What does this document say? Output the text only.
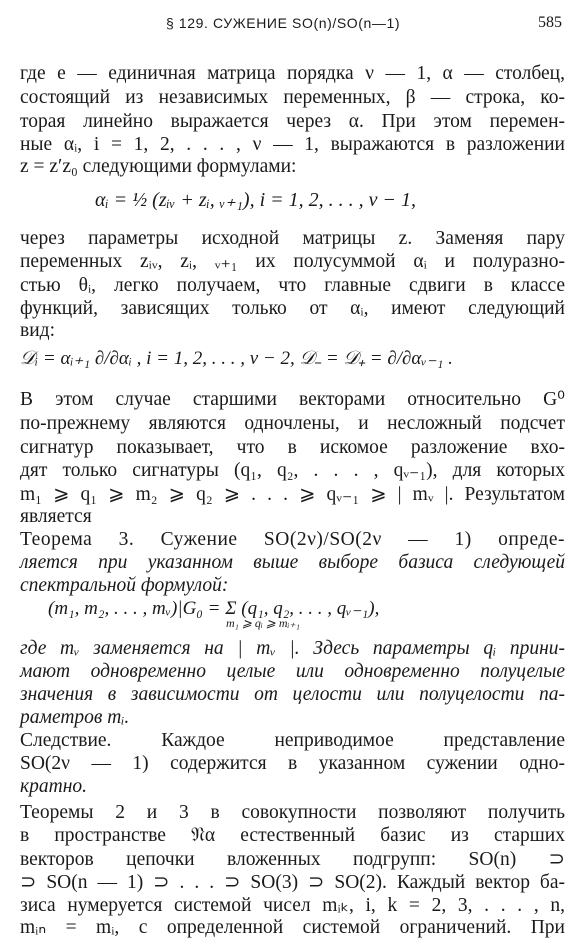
§ 129. СУЖЕНИЕ SO(n)/SO(n—1)	585
где e — единичная матрица порядка ν — 1, α — столбец,
состоящий из независимых переменных, β — строка, ко-
торая линейно выражается через α. При этом перемен-
ные αᵢ, i = 1, 2, . . . , ν — 1, выражаются в разложении
z = z′z₀ следующими формулами:
αᵢ = ½ (zᵢᵥ + zᵢ, ᵥ₊₁), i = 1, 2, . . . , ν − 1,
через параметры исходной матрицы z. Заменяя пару
переменных zᵢᵥ, zᵢ, ᵥ₊₁ их полусуммой αᵢ и полуразно-
стью θᵢ, легко получаем, что главные сдвиги в классе
функций, зависящих только от αᵢ, имеют следующий
вид:
𝒟ᵢ = αᵢ₊₁ ∂/∂αᵢ , i = 1, 2, . . . , ν − 2, 𝒟₋ = 𝒟₊ = ∂/∂αᵥ₋₁ .
В этом случае старшими векторами относительно G⁰
по-прежнему являются одночлены, и несложный подсчет
сигнатур показывает, что в искомое разложение вхо-
дят только сигнатуры (q₁, q₂, . . . , qᵥ₋₁), для которых
m₁ ⩾ q₁ ⩾ m₂ ⩾ q₂ ⩾ . . . ⩾ qᵥ₋₁ ⩾ | mᵥ |. Результатом
является
Теорема 3. Сужение SO(2ν)/SO(2ν — 1) опреде-
ляется при указанном выше выборе базиса следующей
спектральной формулой:
(m₁, m₂, . . . , mᵥ)|G₀ = Σ (q₁, q₂, . . . , qᵥ₋₁),
m₁ ⩾ qᵢ ⩾ mᵢ₊₁
где mᵥ заменяется на | mᵥ |. Здесь параметры qᵢ прини-
мают одновременно целые или одновременно полуцелые
значения в зависимости от целости или полуцелости па-
раметров mᵢ.
Следствие. Каждое неприводимое представление
SO(2ν — 1) содержится в указанном сужении одно-
кратно.
Теоремы 2 и 3 в совокупности позволяют получить
в пространстве 𝔑α естественный базис из старших
векторов цепочки вложенных подгрупп: SO(n) ⊃
⊃ SO(n — 1) ⊃ . . . ⊃ SO(3) ⊃ SO(2). Каждый вектор ба-
зиса нумеруется системой чисел mᵢₖ, i, k = 2, 3, . . . , n,
mᵢₙ = mᵢ, с определенной системой ограничений. При
